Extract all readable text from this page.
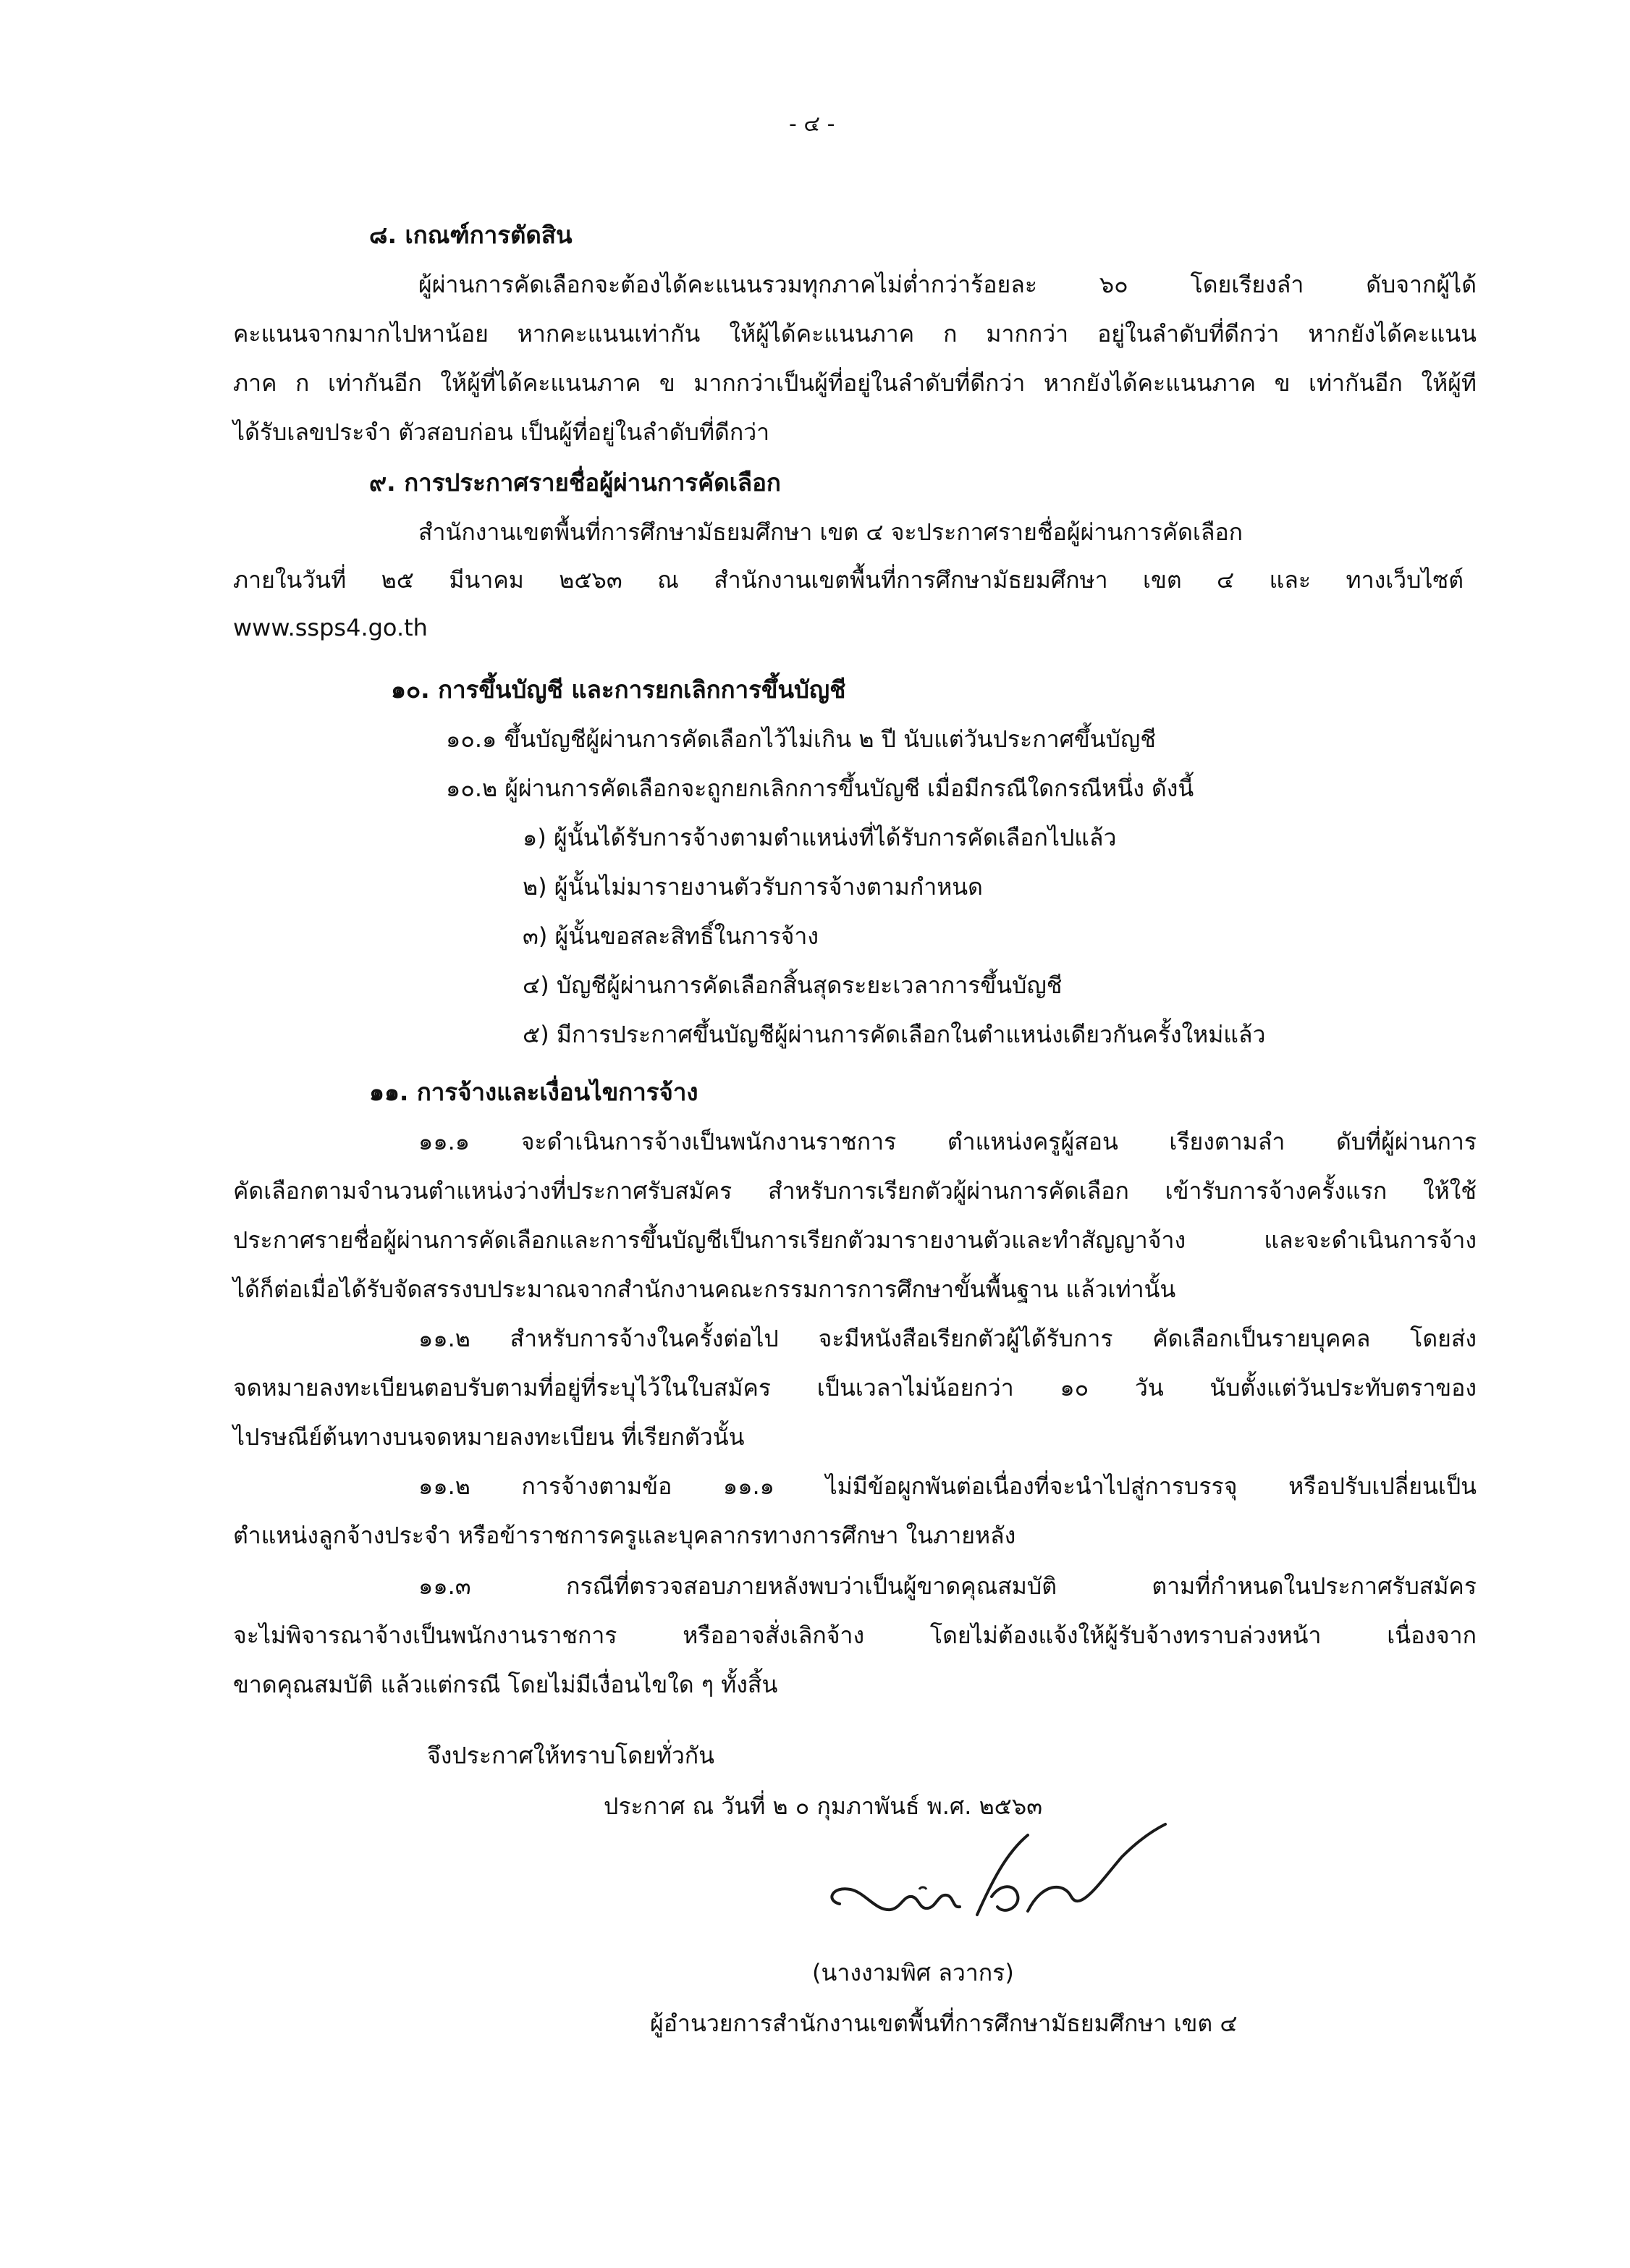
- ๔ -
๘. เกณฑ์การตัดสิน
ผู้ผ่านการคัดเลือกจะต้องได้คะแนนรวมทุกภาคไม่ต่ำกว่าร้อยละ ๖๐ โดยเรียงลำ ดับจากผู้ได้
คะแนนจากมากไปหาน้อย หากคะแนนเท่ากัน ให้ผู้ได้คะแนนภาค ก มากกว่า อยู่ในลำดับที่ดีกว่า หากยังได้คะแนน
ภาค ก เท่ากันอีก ให้ผู้ที่ได้คะแนนภาค ข มากกว่าเป็นผู้ที่อยู่ในลำดับที่ดีกว่า หากยังได้คะแนนภาค ข เท่ากันอีก ให้ผู้ที
ได้รับเลขประจำ ตัวสอบก่อน เป็นผู้ที่อยู่ในลำดับที่ดีกว่า
๙. การประกาศรายชื่อผู้ผ่านการคัดเลือก
สำนักงานเขตพื้นที่การศึกษามัธยมศึกษา เขต ๔ จะประกาศรายชื่อผู้ผ่านการคัดเลือก
ภายในวันที่ ๒๕ มีนาคม ๒๕๖๓ ณ สำนักงานเขตพื้นที่การศึกษามัธยมศึกษา เขต ๔ และ ทางเว็บไซต์
www.ssps4.go.th
๑๐. การขึ้นบัญชี และการยกเลิกการขึ้นบัญชี
๑๐.๑ ขึ้นบัญชีผู้ผ่านการคัดเลือกไว้ไม่เกิน ๒ ปี นับแต่วันประกาศขึ้นบัญชี
๑๐.๒ ผู้ผ่านการคัดเลือกจะถูกยกเลิกการขึ้นบัญชี เมื่อมีกรณีใดกรณีหนึ่ง ดังนี้
๑) ผู้นั้นได้รับการจ้างตามตำแหน่งที่ได้รับการคัดเลือกไปแล้ว
๒) ผู้นั้นไม่มารายงานตัวรับการจ้างตามกำหนด
๓) ผู้นั้นขอสละสิทธิ์ในการจ้าง
๔) บัญชีผู้ผ่านการคัดเลือกสิ้นสุดระยะเวลาการขึ้นบัญชี
๕) มีการประกาศขึ้นบัญชีผู้ผ่านการคัดเลือกในตำแหน่งเดียวกันครั้งใหม่แล้ว
๑๑. การจ้างและเงื่อนไขการจ้าง
๑๑.๑ จะดำเนินการจ้างเป็นพนักงานราชการ ตำแหน่งครูผู้สอน เรียงตามลำ ดับที่ผู้ผ่านการ
คัดเลือกตามจำนวนตำแหน่งว่างที่ประกาศรับสมัคร สำหรับการเรียกตัวผู้ผ่านการคัดเลือก เข้ารับการจ้างครั้งแรก ให้ใช้
ประกาศรายชื่อผู้ผ่านการคัดเลือกและการขึ้นบัญชีเป็นการเรียกตัวมารายงานตัวและทำสัญญาจ้าง และจะดำเนินการจ้าง
ได้ก็ต่อเมื่อได้รับจัดสรรงบประมาณจากสำนักงานคณะกรรมการการศึกษาขั้นพื้นฐาน แล้วเท่านั้น
๑๑.๒ สำหรับการจ้างในครั้งต่อไป จะมีหนังสือเรียกตัวผู้ได้รับการ คัดเลือกเป็นรายบุคคล โดยส่ง
จดหมายลงทะเบียนตอบรับตามที่อยู่ที่ระบุไว้ในใบสมัคร เป็นเวลาไม่น้อยกว่า ๑๐ วัน นับตั้งแต่วันประทับตราของ
ไปรษณีย์ต้นทางบนจดหมายลงทะเบียน ที่เรียกตัวนั้น
๑๑.๒ การจ้างตามข้อ ๑๑.๑ ไม่มีข้อผูกพันต่อเนื่องที่จะนำไปสู่การบรรจุ หรือปรับเปลี่ยนเป็น
ตำแหน่งลูกจ้างประจำ หรือข้าราชการครูและบุคลากรทางการศึกษา ในภายหลัง
๑๑.๓ กรณีที่ตรวจสอบภายหลังพบว่าเป็นผู้ขาดคุณสมบัติ ตามที่กำหนดในประกาศรับสมัคร
จะไม่พิจารณาจ้างเป็นพนักงานราชการ หรืออาจสั่งเลิกจ้าง โดยไม่ต้องแจ้งให้ผู้รับจ้างทราบล่วงหน้า เนื่องจาก
ขาดคุณสมบัติ แล้วแต่กรณี โดยไม่มีเงื่อนไขใด ๆ ทั้งสิ้น
จึงประกาศให้ทราบโดยทั่วกัน
ประกาศ ณ วันที่ ๒ ๐ กุมภาพันธ์ พ.ศ. ๒๕๖๓
(นางงามพิศ ลวากร)
ผู้อำนวยการสำนักงานเขตพื้นที่การศึกษามัธยมศึกษา เขต ๔
